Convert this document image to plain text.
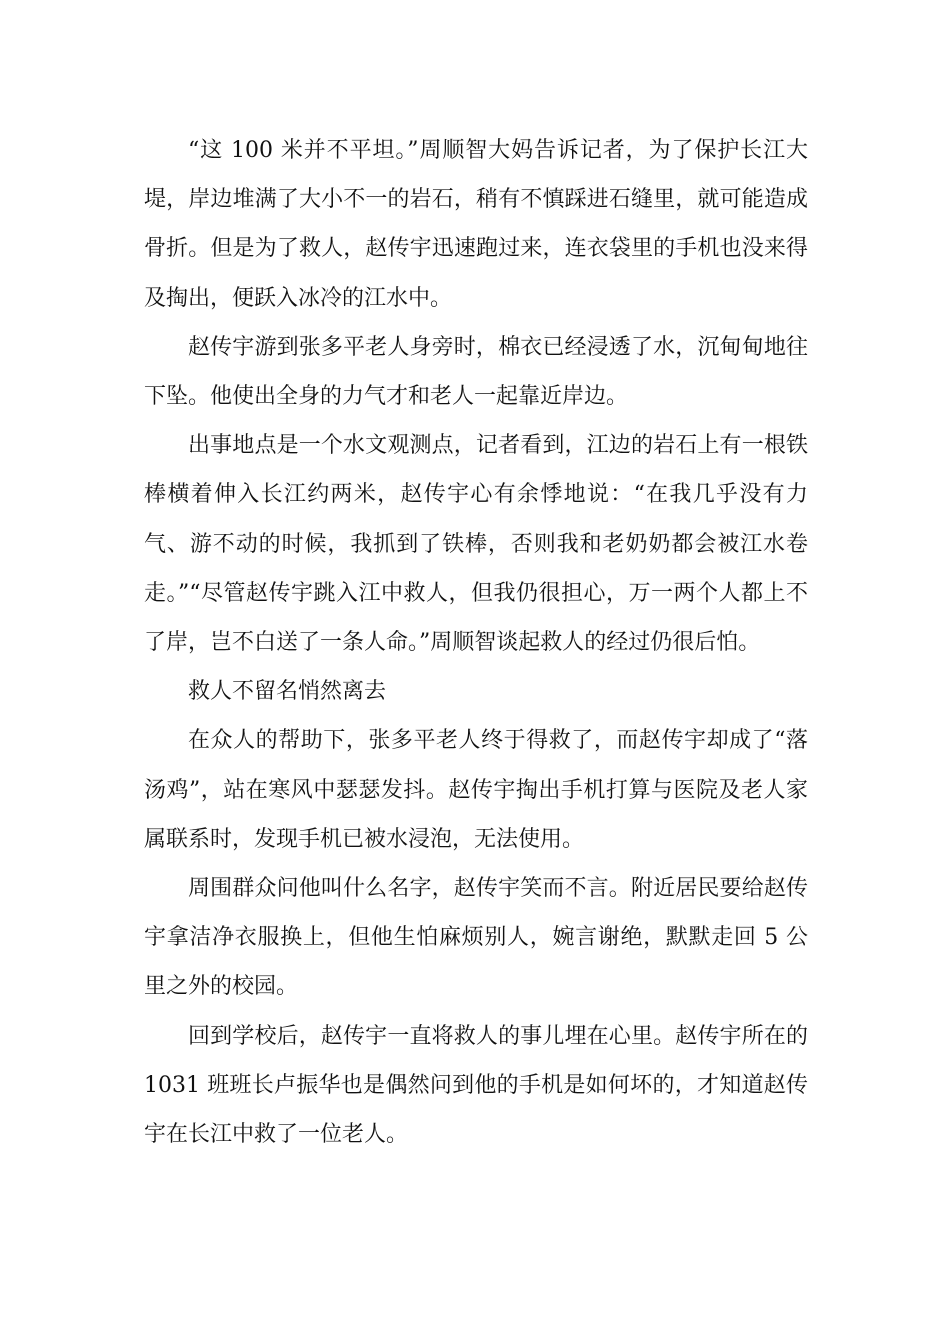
“这 100 米并不平坦。”周顺智大妈告诉记者，为了保护长江大堤，岸边堆满了大小不一的岩石，稍有不慎踩进石缝里，就可能造成骨折。但是为了救人，赵传宇迅速跑过来，连衣袋里的手机也没来得及掏出，便跃入冰冷的江水中。

赵传宇游到张多平老人身旁时，棉衣已经浸透了水，沉甸甸地往下坠。他使出全身的力气才和老人一起靠近岸边。

出事地点是一个水文观测点，记者看到，江边的岩石上有一根铁棒横着伸入长江约两米，赵传宇心有余悸地说：“在我几乎没有力气、游不动的时候，我抓到了铁棒，否则我和老奶奶都会被江水卷走。”“尽管赵传宇跳入江中救人，但我仍很担心，万一两个人都上不了岸，岂不白送了一条人命。”周顺智谈起救人的经过仍很后怕。

救人不留名悄然离去

在众人的帮助下，张多平老人终于得救了，而赵传宇却成了“落汤鸡”，站在寒风中瑟瑟发抖。赵传宇掏出手机打算与医院及老人家属联系时，发现手机已被水浸泡，无法使用。

周围群众问他叫什么名字，赵传宇笑而不言。附近居民要给赵传宇拿洁净衣服换上，但他生怕麻烦别人，婉言谢绝，默默走回 5 公里之外的校园。

回到学校后，赵传宇一直将救人的事儿埋在心里。赵传宇所在的 1031 班班长卢振华也是偶然问到他的手机是如何坏的，才知道赵传宇在长江中救了一位老人。
